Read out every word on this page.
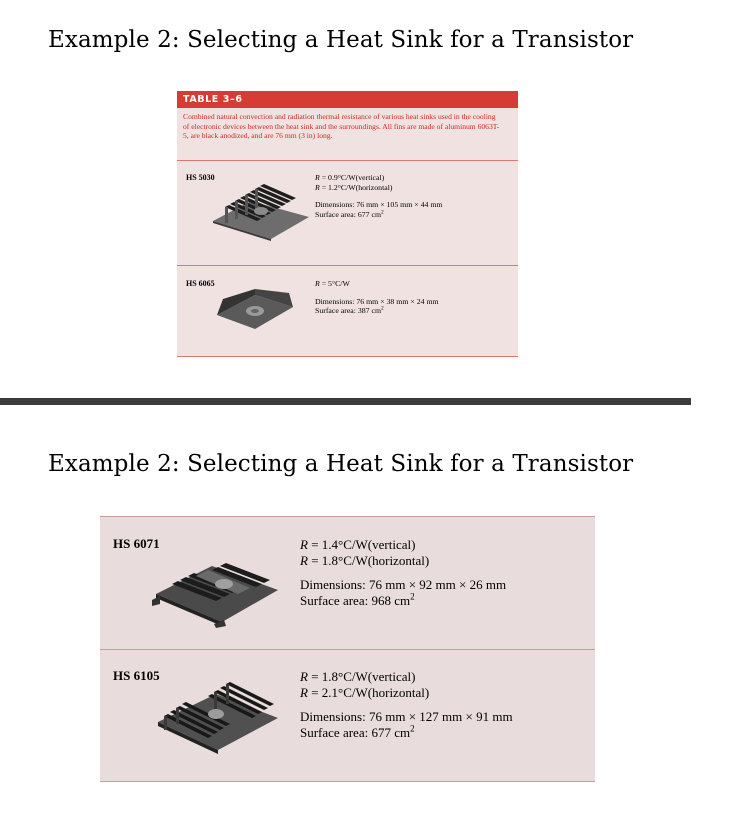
Example 2: Selecting a Heat Sink for a Transistor
TABLE 3–6
Combined natural convection and radiation thermal resistance of various heat sinks used in the cooling of electronic devices between the heat sink and the surroundings. All fins are made of aluminum 6063T-5, are black anodized, and are 76 mm (3 in) long.
HS 5030	R = 0.9°C/W(vertical)
R = 1.2°C/W(horizontal)
Dimensions: 76 mm × 105 mm × 44 mm
Surface area: 677 $cm^2$
HS 6065	R = 5°C/W
Dimensions: 76 mm × 38 mm × 24 mm
Surface area: 387 $cm^2$
Example 2: Selecting a Heat Sink for a Transistor
HS 6071	R = 1.4°C/W(vertical)
R = 1.8°C/W(horizontal)
Dimensions: 76 mm × 92 mm × 26 mm
Surface area: 968 $cm^2$
HS 6105	R = 1.8°C/W(vertical)
R = 2.1°C/W(horizontal)
Dimensions: 76 mm × 127 mm × 91 mm
Surface area: 677 $cm^2$
